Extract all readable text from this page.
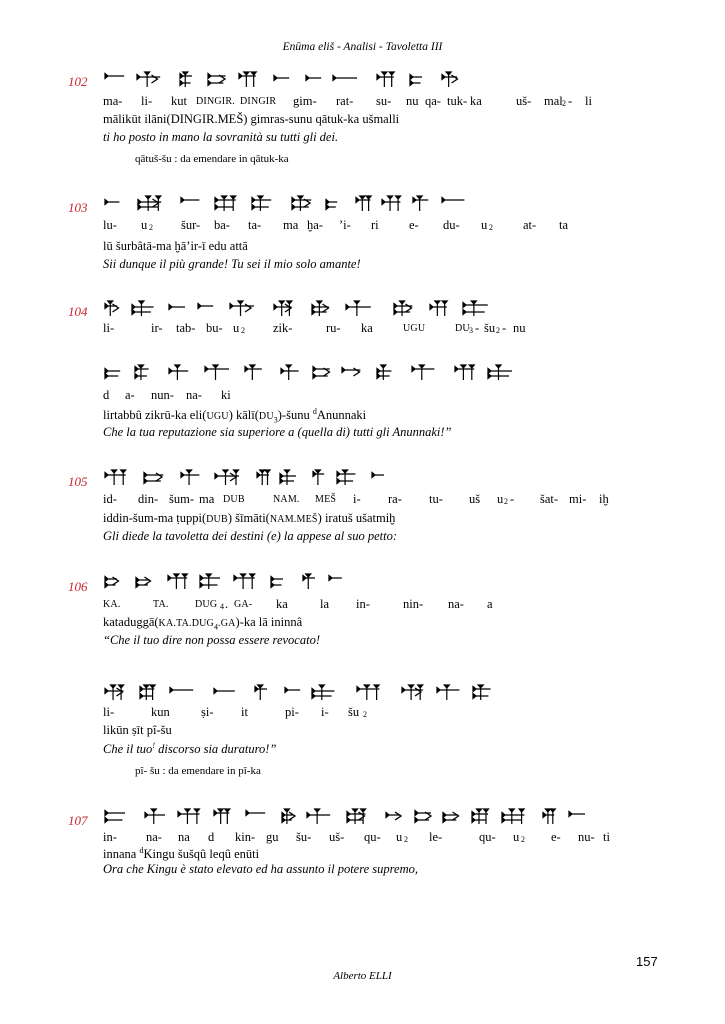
Enūma eliš - Analisi - Tavoletta III
102
ma- li- kut DINGIR. DINGIR gim- rat- su- nu qa- tuk- ka	uš- mal 2 - li
mālikūt ilāni(DINGIR.MEŠ) gimras-sunu qātuk-ka ušmalli
ti ho posto in mano la sovranità su tutti gli dei.
qātuš-šu : da emendare in qātuk-ka
103
lu- u 2 šur- ba- ta- ma ḫa- ’i- ri e- du- u 2 at- ta
lū šurbâtā-ma ḫā’ir-ī edu attā
Sii dunque il più grande! Tu sei il mio solo amante!
104
li-	ir- tab- bu- u 2 zik-	ru- ka	UGU	DU 3 - šu 2 - nu
d a- nun- na- ki
lirtabbû zikrū-ka eli(UGU) $kālī(DU_3)$-šunu $^d$Anunnaki
Che la tua reputazione sia superiore a (quella di) tutti gli Anunnaki!”
105
id- din- šum- ma DUB	NAM. MEŠ i- ra- tu- uš u 2 - šat- mi- iḫ
iddin-šum-ma ṭuppi(DUB) šīmāti(NAM.MEŠ) iratuš ušatmiḫ
Gli diede la tavoletta dei destini (e) la appese al suo petto:
106
KA.	TA.	DUG 4 . GA- ka	la in-	nin- na- a
$kataduggā(KA.TA.DUG_4.GA)-ka$ lā ininnâ
“Che il tuo dire non possa essere revocato!
li-	kun	ṣi- it	pi- i- šu 2
likūn ṣīt pî-šu
Che il tuo! discorso sia duraturo!”
pî- šu : da emendare in pī-ka
107
in- na- na d kin- gu šu- uš- qu- u 2 le-	qu- u 2 e- nu- ti
innana $^d$Kingu šušqû leqû enūti
Ora che Kingu è stato elevato ed ha assunto il potere supremo,
157
Alberto ELLI
